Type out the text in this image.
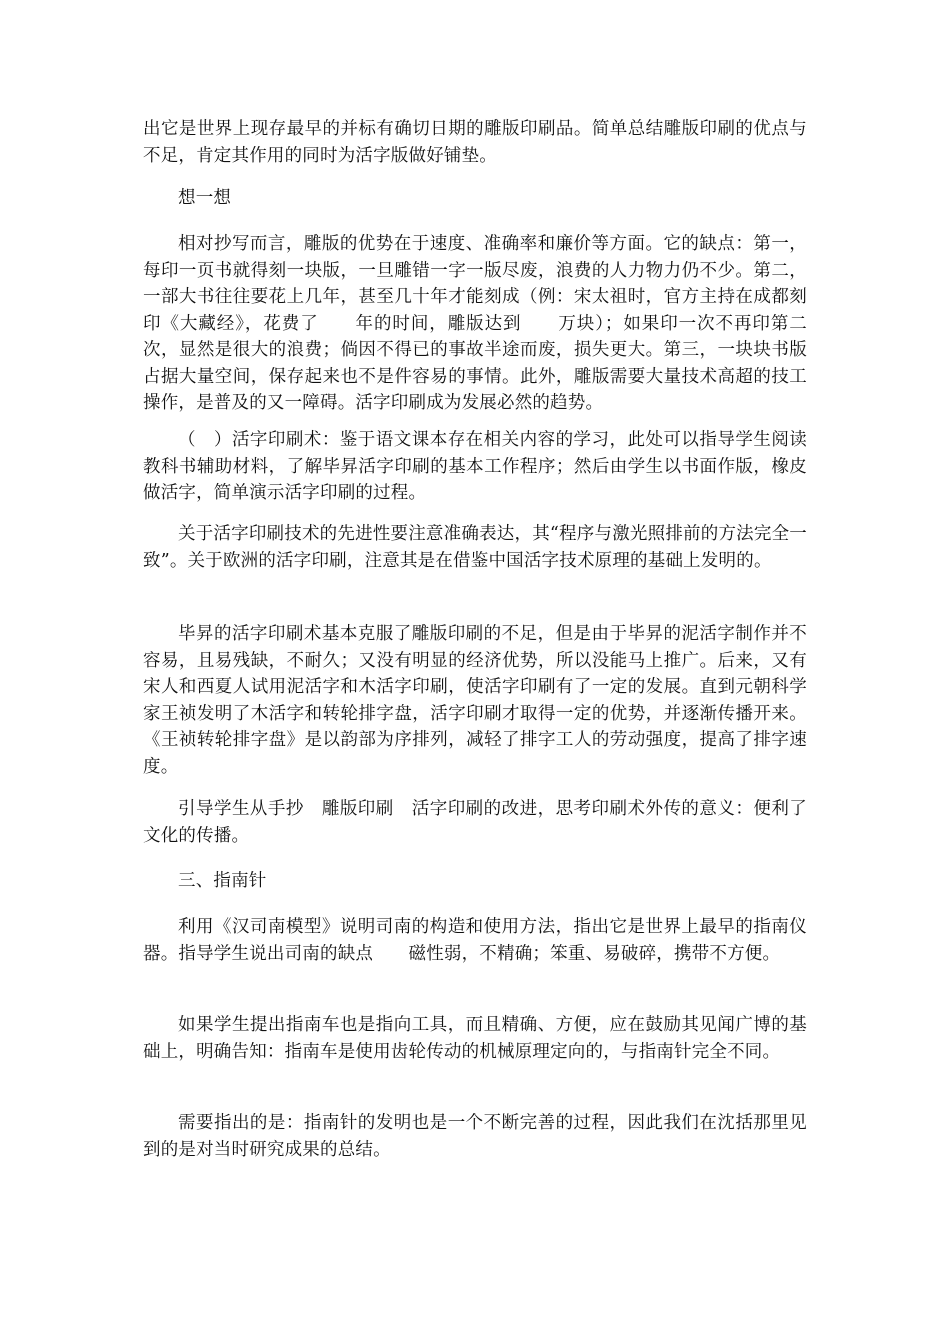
出它是世界上现存最早的并标有确切日期的雕版印刷品。简单总结雕版印刷的优点与不足，肯定其作用的同时为活字版做好铺垫。
想一想
相对抄写而言，雕版的优势在于速度、准确率和廉价等方面。它的缺点：第一，每印一页书就得刻一块版，一旦雕错一字一版尽废，浪费的人力物力仍不少。第二，一部大书往往要花上几年，甚至几十年才能刻成（例：宋太祖时，官方主持在成都刻印《大藏经》，花费了　　年的时间，雕版达到　　万块）；如果印一次不再印第二次，显然是很大的浪费；倘因不得已的事故半途而废，损失更大。第三，一块块书版占据大量空间，保存起来也不是件容易的事情。此外，雕版需要大量技术高超的技工操作，是普及的又一障碍。活字印刷成为发展必然的趋势。
（　）活字印刷术：鉴于语文课本存在相关内容的学习，此处可以指导学生阅读教科书辅助材料，了解毕昇活字印刷的基本工作程序；然后由学生以书面作版，橡皮做活字，简单演示活字印刷的过程。
关于活字印刷技术的先进性要注意准确表达，其“程序与激光照排前的方法完全一致”。关于欧洲的活字印刷，注意其是在借鉴中国活字技术原理的基础上发明的。
毕昇的活字印刷术基本克服了雕版印刷的不足，但是由于毕昇的泥活字制作并不容易，且易残缺，不耐久；又没有明显的经济优势，所以没能马上推广。后来，又有宋人和西夏人试用泥活字和木活字印刷，使活字印刷有了一定的发展。直到元朝科学家王祯发明了木活字和转轮排字盘，活字印刷才取得一定的优势，并逐渐传播开来。《王祯转轮排字盘》是以韵部为序排列，减轻了排字工人的劳动强度，提高了排字速度。
引导学生从手抄　雕版印刷　活字印刷的改进，思考印刷术外传的意义：便利了文化的传播。
三、指南针
利用《汉司南模型》说明司南的构造和使用方法，指出它是世界上最早的指南仪器。指导学生说出司南的缺点　　磁性弱，不精确；笨重、易破碎，携带不方便。
如果学生提出指南车也是指向工具，而且精确、方便，应在鼓励其见闻广博的基础上，明确告知：指南车是使用齿轮传动的机械原理定向的，与指南针完全不同。
需要指出的是：指南针的发明也是一个不断完善的过程，因此我们在沈括那里见到的是对当时研究成果的总结。
